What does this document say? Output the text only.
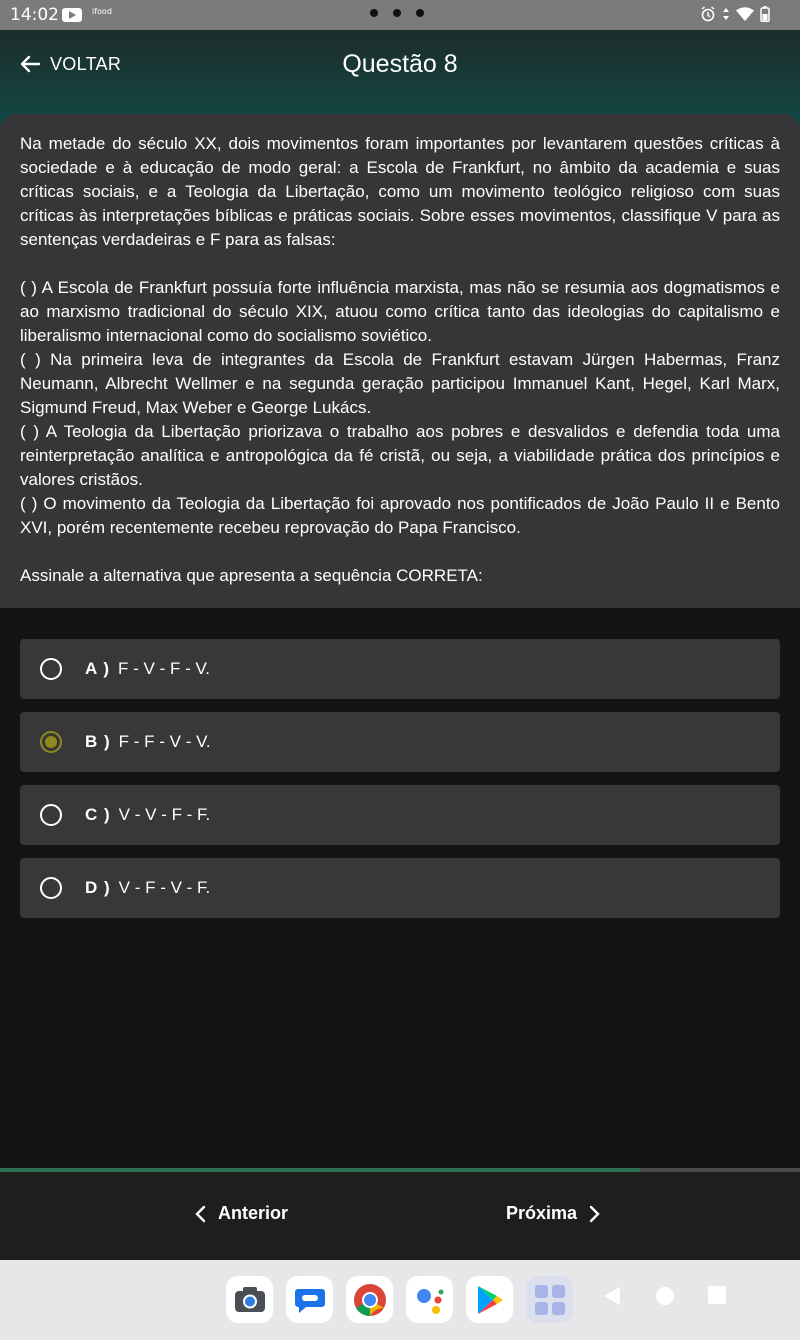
14:02	ifood
VOLTAR	Questão 8

Na metade do século XX, dois movimentos foram importantes por levantarem questões críticas à sociedade e à educação de modo geral: a Escola de Frankfurt, no âmbito da academia e suas críticas sociais, e a Teologia da Libertação, como um movimento teológico religioso com suas críticas às interpretações bíblicas e práticas sociais. Sobre esses movimentos, classifique V para as sentenças verdadeiras e F para as falsas:

( ) A Escola de Frankfurt possuía forte influência marxista, mas não se resumia aos dogmatismos e ao marxismo tradicional do século XIX, atuou como crítica tanto das ideologias do capitalismo e liberalismo internacional como do socialismo soviético.

( ) Na primeira leva de integrantes da Escola de Frankfurt estavam Jürgen Habermas, Franz Neumann, Albrecht Wellmer e na segunda geração participou Immanuel Kant, Hegel, Karl Marx, Sigmund Freud, Max Weber e George Lukács.

( ) A Teologia da Libertação priorizava o trabalho aos pobres e desvalidos e defendia toda uma reinterpretação analítica e antropológica da fé cristã, ou seja, a viabilidade prática dos princípios e valores cristãos.

( ) O movimento da Teologia da Libertação foi aprovado nos pontificados de João Paulo II e Bento XVI, porém recentemente recebeu reprovação do Papa Francisco.

Assinale a alternativa que apresenta a sequência CORRETA:

A ) F - V - F - V.
B ) F - F - V - V.
C ) V - V - F - F.
D ) V - F - V - F.
Anterior	Próxima
